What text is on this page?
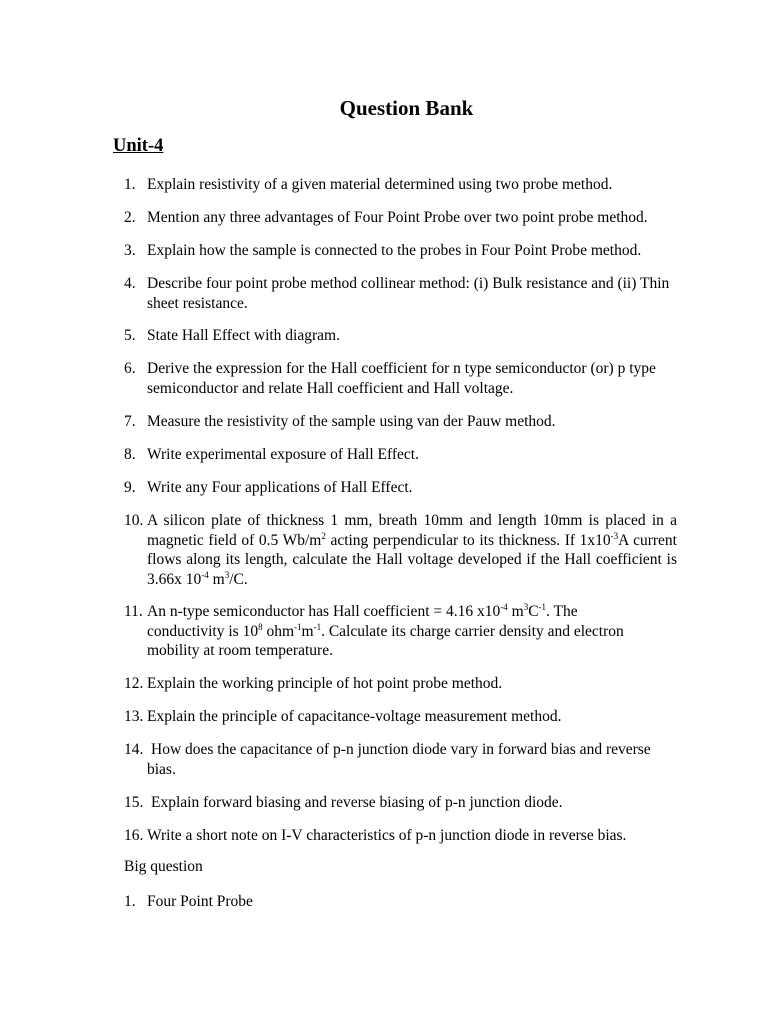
Question Bank
Unit-4
1. Explain resistivity of a given material determined using two probe method.
2. Mention any three advantages of Four Point Probe over two point probe method.
3. Explain how the sample is connected to the probes in Four Point Probe method.
4. Describe four point probe method collinear method: (i) Bulk resistance and (ii) Thin sheet resistance.
5. State Hall Effect with diagram.
6. Derive the expression for the Hall coefficient for n type semiconductor (or) p type semiconductor and relate Hall coefficient and Hall voltage.
7. Measure the resistivity of the sample using van der Pauw method.
8. Write experimental exposure of Hall Effect.
9. Write any Four applications of Hall Effect.
10. A silicon plate of thickness 1 mm, breath 10mm and length 10mm is placed in a magnetic field of 0.5 $Wb/m^2$ acting perpendicular to its thickness. If $1x10^{-3}A$ current flows along its length, calculate the Hall voltage developed if the Hall coefficient is 3.66x $10^{-4}$ $m^3/C$.
11. An n-type semiconductor has Hall coefficient = 4.16 $x10^{-4}$ $m^3C^{-1}$. The conductivity is $10^8$ $ohm^{-1}m^{-1}$. Calculate its charge carrier density and electron mobility at room temperature.
12. Explain the working principle of hot point probe method.
13. Explain the principle of capacitance-voltage measurement method.
14. How does the capacitance of p-n junction diode vary in forward bias and reverse bias.
15. Explain forward biasing and reverse biasing of p-n junction diode.
16. Write a short note on I-V characteristics of p-n junction diode in reverse bias.
Big question
1. Four Point Probe
